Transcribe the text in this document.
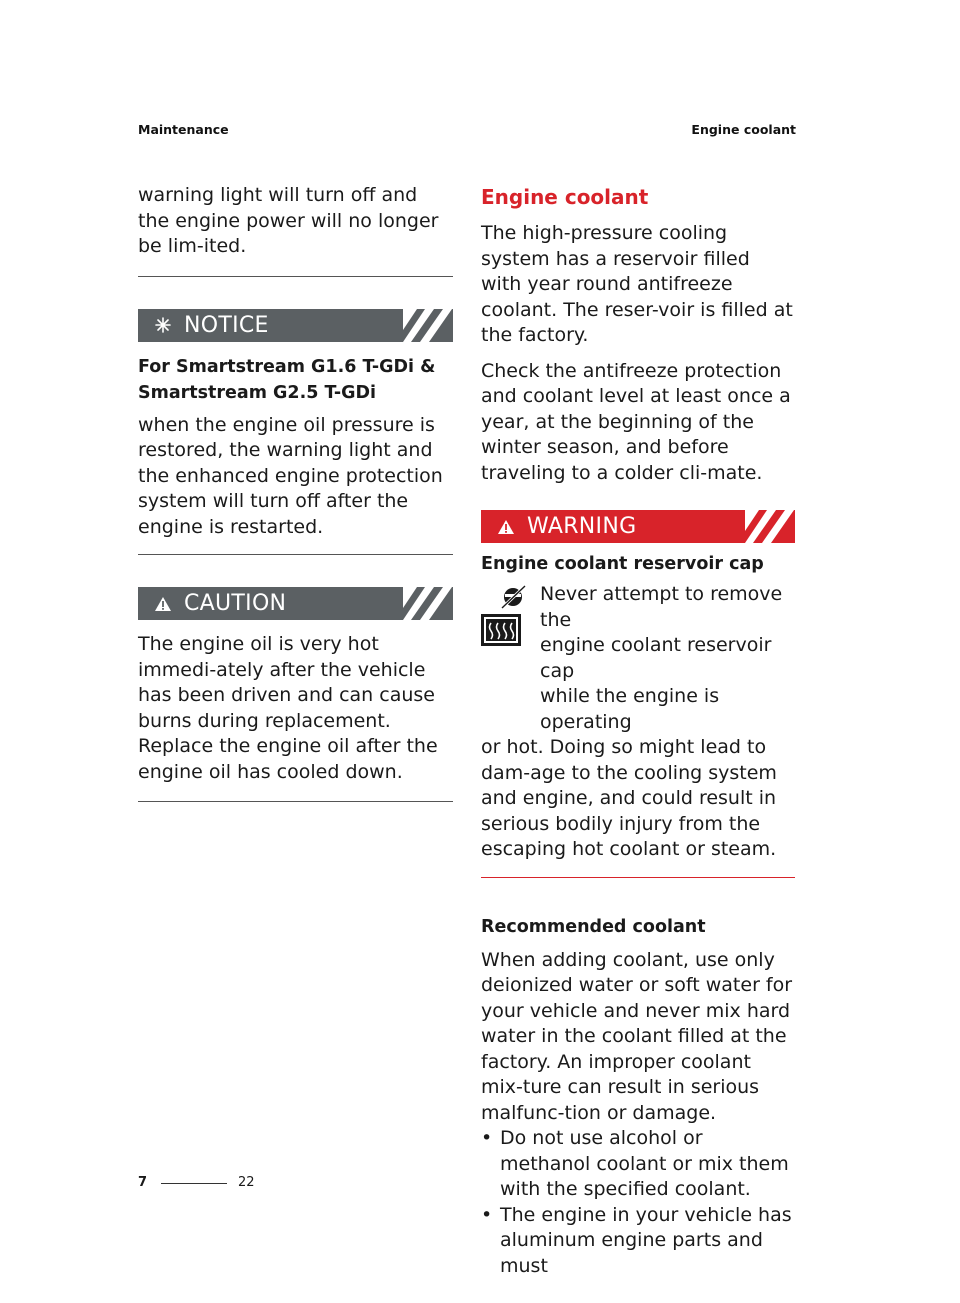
Maintenance	Engine coolant

warning light will turn off and the engine power will no longer be lim-ited.

NOTICE

For Smartstream G1.6 T-GDi & Smartstream G2.5 T-GDi

when the engine oil pressure is restored, the warning light and the enhanced engine protection system will turn off after the engine is restarted.

CAUTION

The engine oil is very hot immedi-ately after the vehicle has been driven and can cause burns during replacement. Replace the engine oil after the engine oil has cooled down.

Engine coolant

The high-pressure cooling system has a reservoir filled with year round antifreeze coolant. The reser-voir is filled at the factory.

Check the antifreeze protection and coolant level at least once a year, at the beginning of the winter season, and before traveling to a colder cli-mate.

WARNING

Engine coolant reservoir cap

Never attempt to remove the
engine coolant reservoir cap
while the engine is operating

or hot. Doing so might lead to dam-age to the cooling system and engine, and could result in serious bodily injury from the escaping hot coolant or steam.

Recommended coolant

When adding coolant, use only deionized water or soft water for your vehicle and never mix hard water in the coolant filled at the factory. An improper coolant mix-ture can result in serious malfunc-tion or damage.

• Do not use alcohol or methanol coolant or mix them with the specified coolant.
• The engine in your vehicle has aluminum engine parts and must
7	22
